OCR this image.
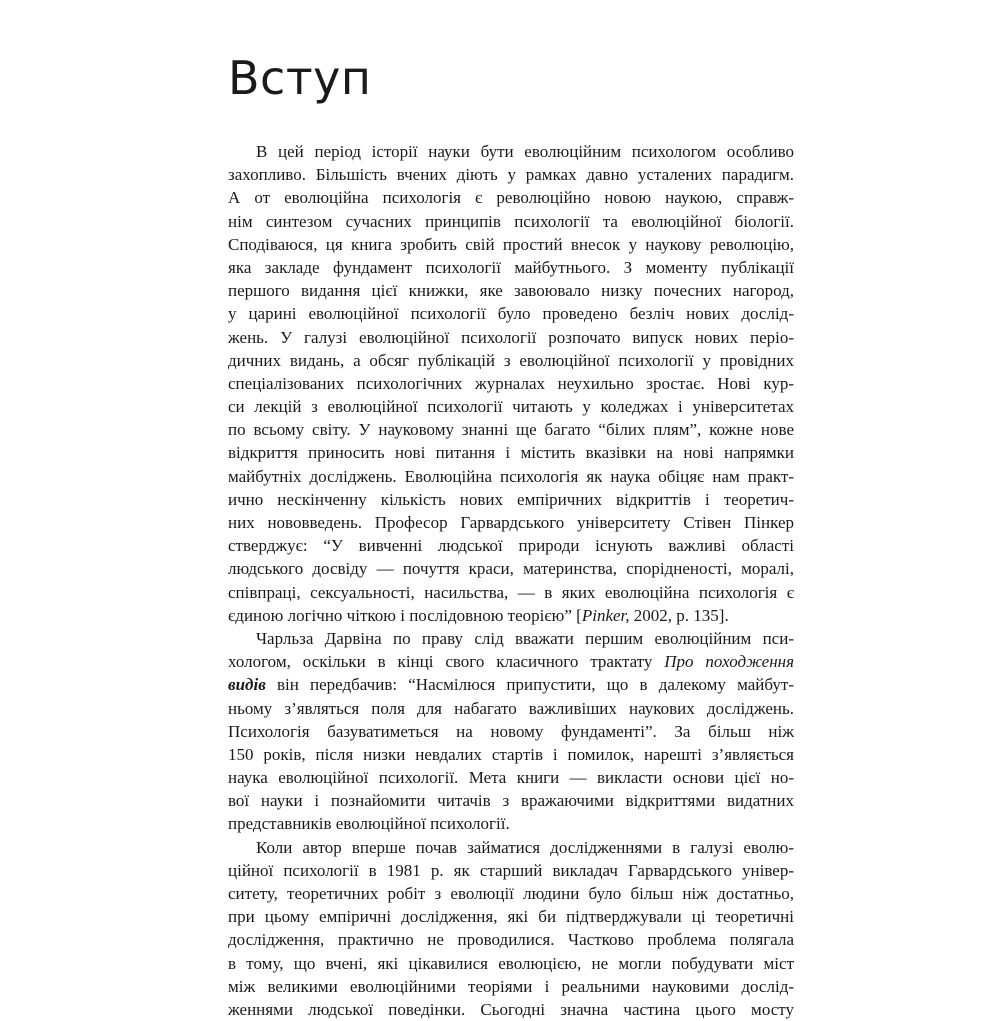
Вступ
В цей період історії науки бути еволюційним психологом особливо
захопливо. Більшість вчених діють у рамках давно усталених парадигм.
А от еволюційна психологія є революційно новою наукою, справж-
нім синтезом сучасних принципів психології та еволюційної біології.
Сподіваюся, ця книга зробить свій простий внесок у наукову революцію,
яка закладе фундамент психології майбутнього. З моменту публікації
першого видання цієї книжки, яке завоювало низку почесних нагород,
у царині еволюційної психології було проведено безліч нових дослід-
жень. У галузі еволюційної психології розпочато випуск нових періо-
дичних видань, а обсяг публікацій з еволюційної психології у провідних
спеціалізованих психологічних журналах неухильно зростає. Нові кур-
си лекцій з еволюційної психології читають у коледжах і університетах
по всьому світу. У науковому знанні ще багато “білих плям”, кожне нове
відкриття приносить нові питання і містить вказівки на нові напрямки
майбутніх досліджень. Еволюційна психологія як наука обіцяє нам практ-
ично нескінченну кількість нових емпіричних відкриттів і теоретич-
них нововведень. Професор Гарвардського університету Стівен Пінкер
стверджує: “У вивченні людської природи існують важливі області
людського досвіду — почуття краси, материнства, спорідненості, моралі,
співпраці, сексуальності, насильства, — в яких еволюційна психологія є
єдиною логічно чіткою і послідовною теорією” [Pinker, 2002, p. 135].
Чарльза Дарвіна по праву слід вважати першим еволюційним пси-
хологом, оскільки в кінці свого класичного трактату Про походження
видів він передбачив: “Насмілюся припустити, що в далекому майбут-
ньому з’являться поля для набагато важливіших наукових досліджень.
Психологія базуватиметься на новому фундаменті”. За більш ніж
150 років, після низки невдалих стартів і помилок, нарешті з’являється
наука еволюційної психології. Мета книги — викласти основи цієї но-
вої науки і познайомити читачів з вражаючими відкриттями видатних
представників еволюційної психології.
Коли автор вперше почав займатися дослідженнями в галузі еволю-
ційної психології в 1981 р. як старший викладач Гарвардського універ-
ситету, теоретичних робіт з еволюції людини було більш ніж достатньо,
при цьому емпіричні дослідження, які би підтверджували ці теоретичні
дослідження, практично не проводилися. Частково проблема полягала
в тому, що вчені, які цікавилися еволюцією, не могли побудувати міст
між великими еволюційними теоріями і реальними науковими дослід-
женнями людської поведінки. Сьогодні значна частина цього мосту
